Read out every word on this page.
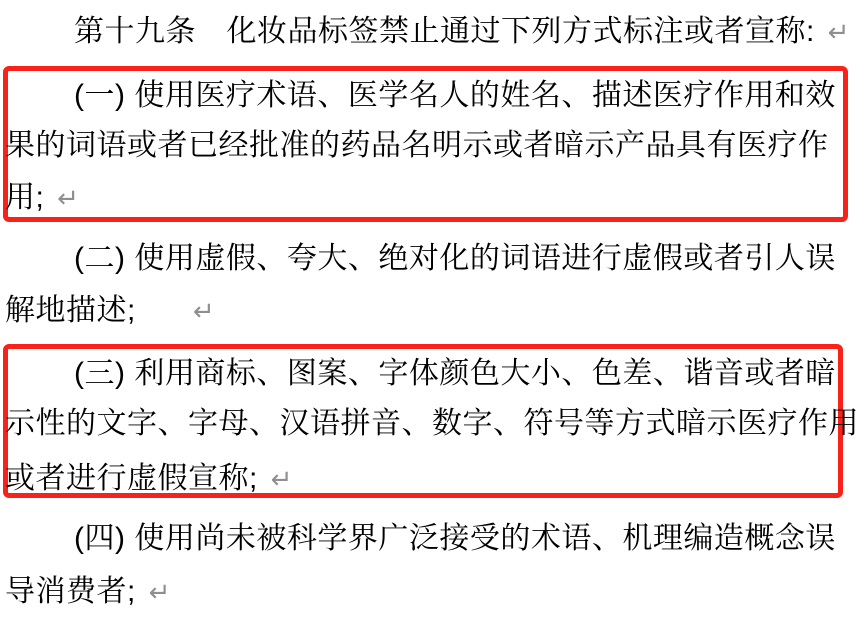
第十九条　化妆品标签禁止通过下列方式标注或者宣称: ↵
(一) 使用医疗术语、医学名人的姓名、描述医疗作用和效
果的词语或者已经批准的药品名明示或者暗示产品具有医疗作
用; ↵
(二) 使用虚假、夸大、绝对化的词语进行虚假或者引人误
解地描述;      ↵
(三) 利用商标、图案、字体颜色大小、色差、谐音或者暗
示性的文字、字母、汉语拼音、数字、符号等方式暗示医疗作用
或者进行虚假宣称; ↵
(四) 使用尚未被科学界广泛接受的术语、机理编造概念误
导消费者; ↵
